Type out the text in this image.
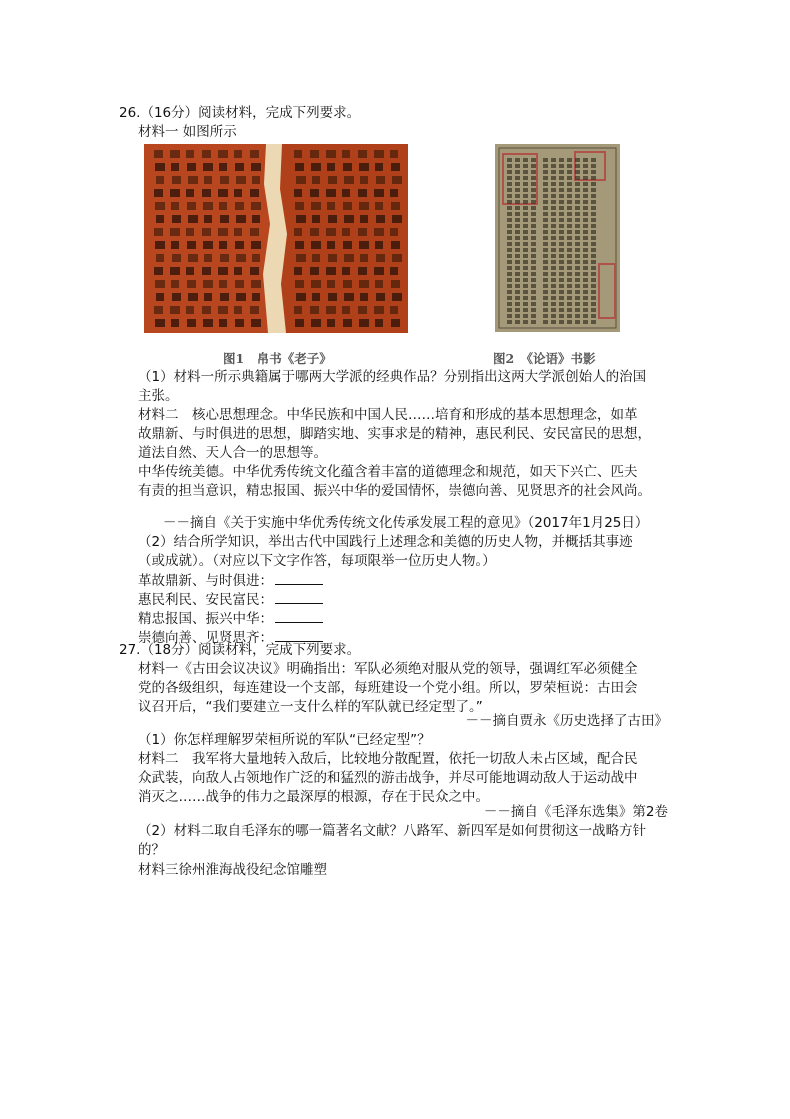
26.（16分）阅读材料，完成下列要求。
材料一 如图所示
图1　帛书《老子》	图2　《论语》书影
（1）材料一所示典籍属于哪两大学派的经典作品？分别指出这两大学派创始人的治国
主张。
材料二　核心思想理念。中华民族和中国人民……培育和形成的基本思想理念，如革
故鼎新、与时俱进的思想，脚踏实地、实事求是的精神，惠民利民、安民富民的思想，
道法自然、天人合一的思想等。
中华传统美德。中华优秀传统文化蕴含着丰富的道德理念和规范，如天下兴亡、匹夫
有责的担当意识，精忠报国、振兴中华的爱国情怀，崇德向善、见贤思齐的社会风尚。
－－摘自《关于实施中华优秀传统文化传承发展工程的意见》（2017年1月25日）
（2）结合所学知识，举出古代中国践行上述理念和美德的历史人物，并概括其事迹
（或成就）。（对应以下文字作答，每项限举一位历史人物。）
革故鼎新、与时俱进：
惠民利民、安民富民：
精忠报国、振兴中华：
崇德向善、见贤思齐：
27.（18分）阅读材料，完成下列要求。
材料一《古田会议决议》明确指出：军队必须绝对服从党的领导，强调红军必须健全
党的各级组织，每连建设一个支部，每班建设一个党小组。所以，罗荣桓说：古田会
议召开后，“我们要建立一支什么样的军队就已经定型了。”
－－摘自贾永《历史选择了古田》
（1）你怎样理解罗荣桓所说的军队“已经定型”？
材料二　我军将大量地转入敌后，比较地分散配置，依托一切敌人未占区域，配合民
众武装，向敌人占领地作广泛的和猛烈的游击战争，并尽可能地调动敌人于运动战中
消灭之……战争的伟力之最深厚的根源，存在于民众之中。
－－摘自《毛泽东选集》第2卷
（2）材料二取自毛泽东的哪一篇著名文献？八路军、新四军是如何贯彻这一战略方针
的？
材料三徐州淮海战役纪念馆雕塑
